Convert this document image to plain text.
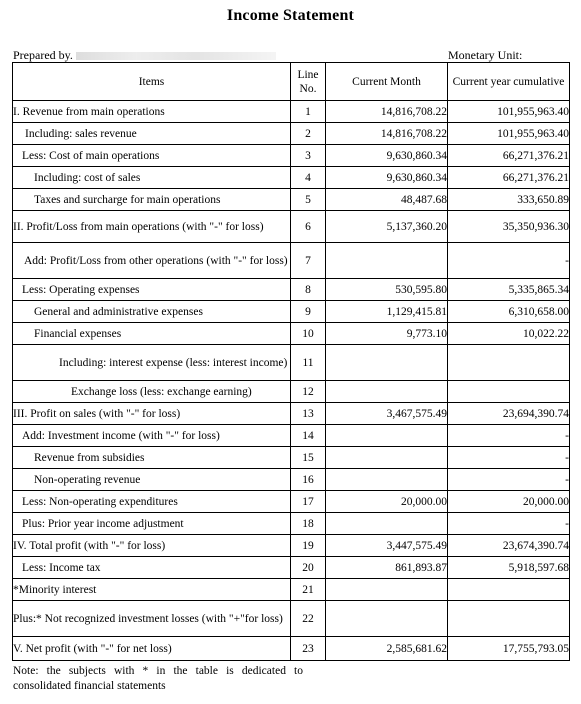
Income Statement
Prepared by.	Monetary Unit:
Items	Line No.	Current Month	Current year cumulative
I. Revenue from main operations	1	14,816,708.22	101,955,963.40
Including: sales revenue	2	14,816,708.22	101,955,963.40
Less: Cost of main operations	3	9,630,860.34	66,271,376.21
Including: cost of sales	4	9,630,860.34	66,271,376.21
Taxes and surcharge for main operations	5	48,487.68	333,650.89
II. Profit/Loss from main operations (with "-" for loss)	6	5,137,360.20	35,350,936.30
Add: Profit/Loss from other operations (with "-" for loss)	7		-
Less: Operating expenses	8	530,595.80	5,335,865.34
General and administrative expenses	9	1,129,415.81	6,310,658.00
Financial expenses	10	9,773.10	10,022.22
Including: interest expense (less: interest income)	11		
Exchange loss (less: exchange earning)	12		
III. Profit on sales (with "-" for loss)	13	3,467,575.49	23,694,390.74
Add: Investment income (with "-" for loss)	14		-
Revenue from subsidies	15		-
Non-operating revenue	16		-
Less: Non-operating expenditures	17	20,000.00	20,000.00
Plus: Prior year income adjustment	18		-
IV. Total profit (with "-" for loss)	19	3,447,575.49	23,674,390.74
Less: Income tax	20	861,893.87	5,918,597.68
*Minority interest	21		
Plus:* Not recognized investment losses (with "+"for loss)	22		
V. Net profit (with "-" for net loss)	23	2,585,681.62	17,755,793.05
Note: the subjects with * in the table is dedicated to consolidated financial statements
